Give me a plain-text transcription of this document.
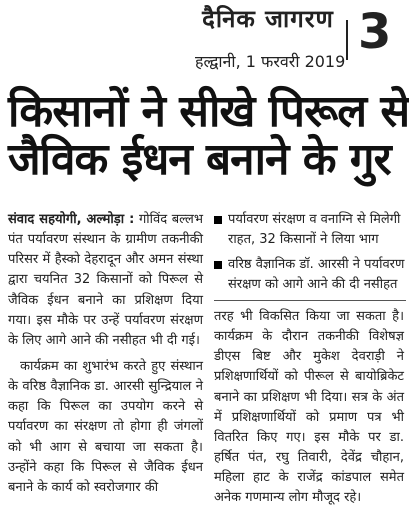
दैनिक जागरण
हल्द्वानी, 1 फरवरी 2019
3
किसानों ने सीखे पिरूल से
जैविक ईधन बनाने के गुर

संवाद सहयोगी, अल्मोड़ा : गोविंद बल्लभ पंत पर्यावरण संस्थान के ग्रामीण तकनीकी परिसर में हैस्को देहरादून और अमन संस्था द्वारा चयनित 32 किसानों को पिरूल से जैविक ईधन बनाने का प्रशिक्षण दिया गया। इस मौके पर उन्हें पर्यावरण संरक्षण के लिए आगे आने की नसीहत भी दी गई।

कार्यक्रम का शुभारंभ करते हुए संस्थान के वरिष्ठ वैज्ञानिक डा. आरसी सुन्द्रियाल ने कहा कि पिरूल का उपयोग करने से पर्यावरण का संरक्षण तो होगा ही जंगलों को भी आग से बचाया जा सकता है। उन्होंने कहा कि पिरूल से जैविक ईधन बनाने के कार्य को स्वरोजगार की

पर्यावरण संरक्षण व वनाग्नि से मिलेगी राहत, 32 किसानों ने लिया भाग
वरिष्ठ वैज्ञानिक डॉ. आरसी ने पर्यावरण संरक्षण को आगे आने की दी नसीहत

तरह भी विकसित किया जा सकता है। कार्यक्रम के दौरान तकनीकी विशेषज्ञ डीएस बिष्ट और मुकेश देवराड़ी ने प्रशिक्षणार्थियों को पीरूल से बायोब्रिकेट बनाने का प्रशिक्षण भी दिया। सत्र के अंत में प्रशिक्षणार्थियों को प्रमाण पत्र भी वितरित किए गए। इस मौके पर डा. हर्षित पंत, रघु तिवारी, देवेंद्र चौहान, महिला हाट के राजेंद्र कांडपाल समेत अनेक गणमान्य लोग मौजूद रहे।
